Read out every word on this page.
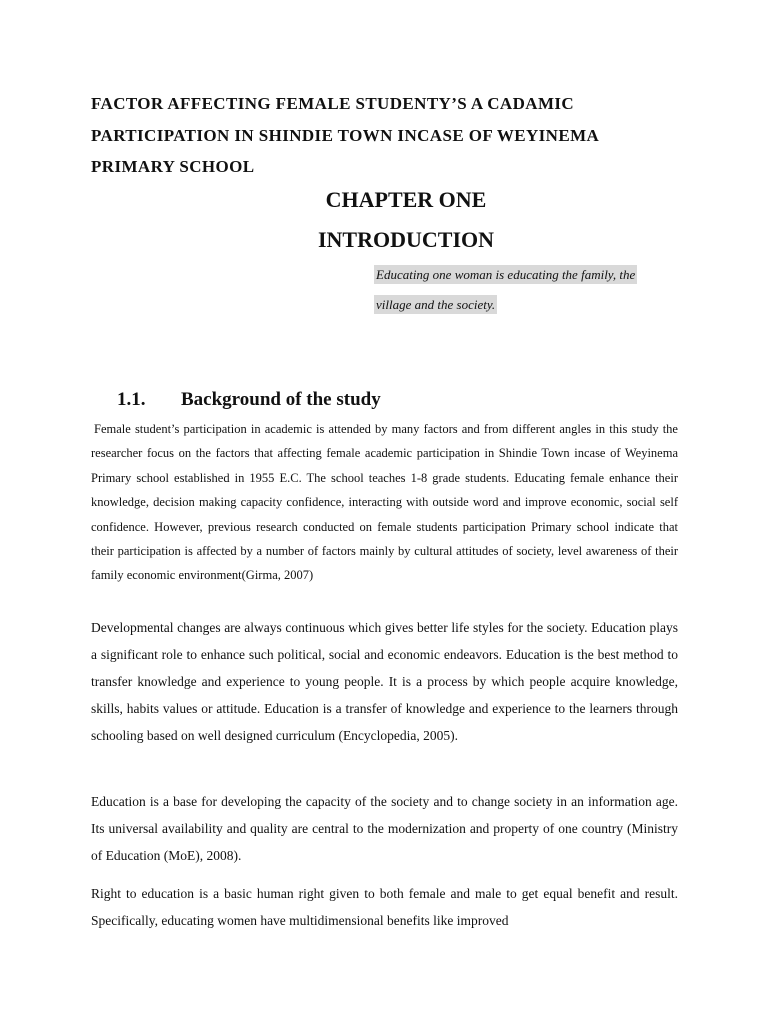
FACTOR AFFECTING FEMALE STUDENTY’S A CADAMIC
PARTICIPATION IN SHINDIE TOWN INCASE OF WEYINEMA
PRIMARY SCHOOL
CHAPTER ONE
INTRODUCTION
Educating one woman is educating the family, the
village and the society.
1.1. Background of the study
Female student’s participation in academic is attended by many factors and from different angles in this study the researcher focus on the factors that affecting female academic participation in Shindie Town incase of Weyinema Primary school established in 1955 E.C. The school teaches 1-8 grade students. Educating female enhance their knowledge, decision making capacity confidence, interacting with outside word and improve economic, social self confidence. However, previous research conducted on female students participation Primary school indicate that their participation is affected by a number of factors mainly by cultural attitudes of society, level awareness of their family economic environment(Girma, 2007)
Developmental changes are always continuous which gives better life styles for the society. Education plays a significant role to enhance such political, social and economic endeavors. Education is the best method to transfer knowledge and experience to young people. It is a process by which people acquire knowledge, skills, habits values or attitude. Education is a transfer of knowledge and experience to the learners through schooling based on well designed curriculum (Encyclopedia, 2005).
Education is a base for developing the capacity of the society and to change society in an information age. Its universal availability and quality are central to the modernization and property of one country (Ministry of Education (MoE), 2008).
Right to education is a basic human right given to both female and male to get equal benefit and result. Specifically, educating women have multidimensional benefits like improved
